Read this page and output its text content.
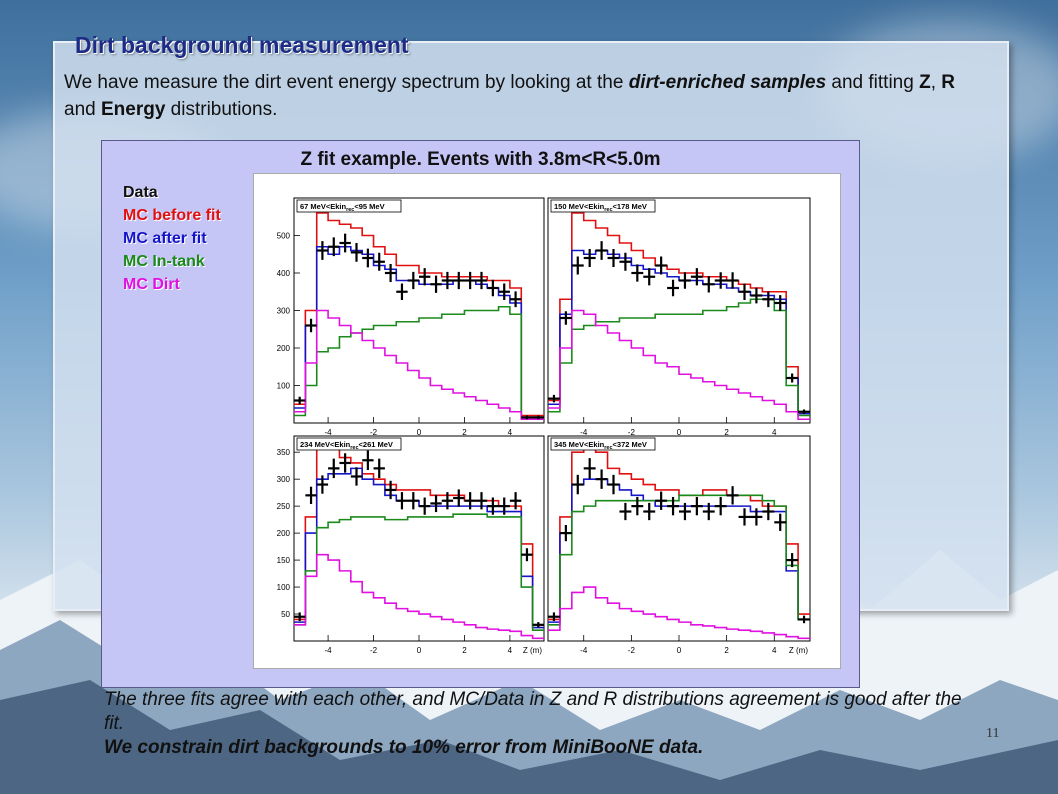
Dirt background measurement
We have measure the dirt event energy spectrum by looking at the dirt-enriched samples and fitting Z, R and Energy distributions.
Z fit example. Events with 3.8m<R<5.0m
Data
MC before fit
MC after fit
MC In-tank
MC Dirt
100
200
300
400
500
-4	-2	0	2	4
67 MeV<Ekin$_{rec}$<95 MeV
-4	-2	0	2	4
150 MeV<Ekin$_{rec}$<178 MeV
50
100
150
200
250
300
350
-4	-2	0	2	4 Z (m)
234 MeV<Ekin$_{rec}$<261 MeV
-4	-2	0	2	4 Z (m)
345 MeV<Ekin$_{rec}$<372 MeV
The three fits agree with each other, and MC/Data in Z and R distributions agreement is good after the fit.
We constrain dirt backgrounds to 10% error from MiniBooNE data.
11
